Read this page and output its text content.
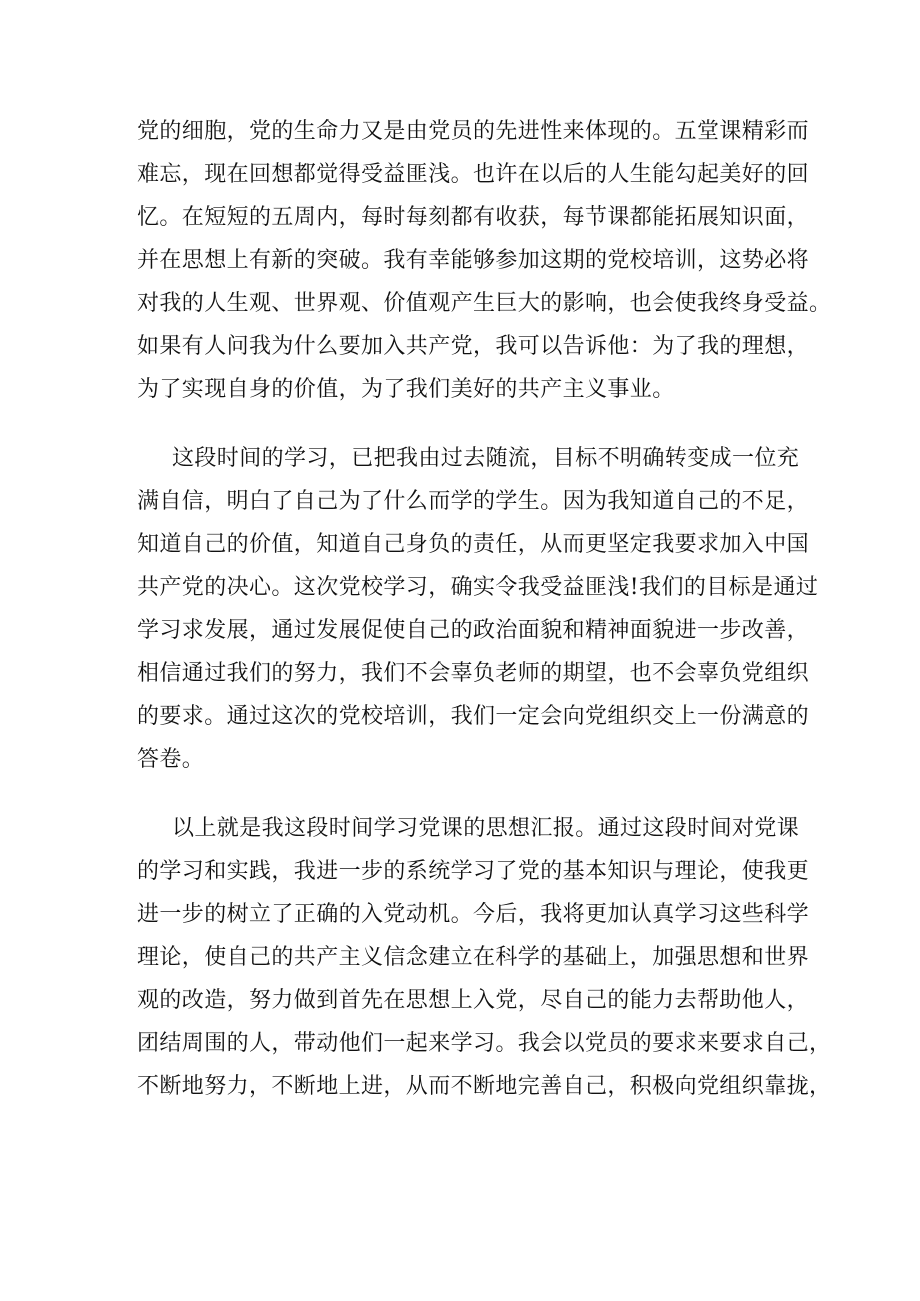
党的细胞，党的生命力又是由党员的先进性来体现的。五堂课精彩而
难忘，现在回想都觉得受益匪浅。也许在以后的人生能勾起美好的回
忆。在短短的五周内，每时每刻都有收获，每节课都能拓展知识面，
并在思想上有新的突破。我有幸能够参加这期的党校培训，这势必将
对我的人生观、世界观、价值观产生巨大的影响，也会使我终身受益。
如果有人问我为什么要加入共产党，我可以告诉他：为了我的理想，
为了实现自身的价值，为了我们美好的共产主义事业。
这段时间的学习，已把我由过去随流，目标不明确转变成一位充
满自信，明白了自己为了什么而学的学生。因为我知道自己的不足，
知道自己的价值，知道自己身负的责任，从而更坚定我要求加入中国
共产党的决心。这次党校学习，确实令我受益匪浅!我们的目标是通过
学习求发展，通过发展促使自己的政治面貌和精神面貌进一步改善，
相信通过我们的努力，我们不会辜负老师的期望，也不会辜负党组织
的要求。通过这次的党校培训，我们一定会向党组织交上一份满意的
答卷。
以上就是我这段时间学习党课的思想汇报。通过这段时间对党课
的学习和实践，我进一步的系统学习了党的基本知识与理论，使我更
进一步的树立了正确的入党动机。今后，我将更加认真学习这些科学
理论，使自己的共产主义信念建立在科学的基础上，加强思想和世界
观的改造，努力做到首先在思想上入党，尽自己的能力去帮助他人，
团结周围的人，带动他们一起来学习。我会以党员的要求来要求自己，
不断地努力，不断地上进，从而不断地完善自己，积极向党组织靠拢，
